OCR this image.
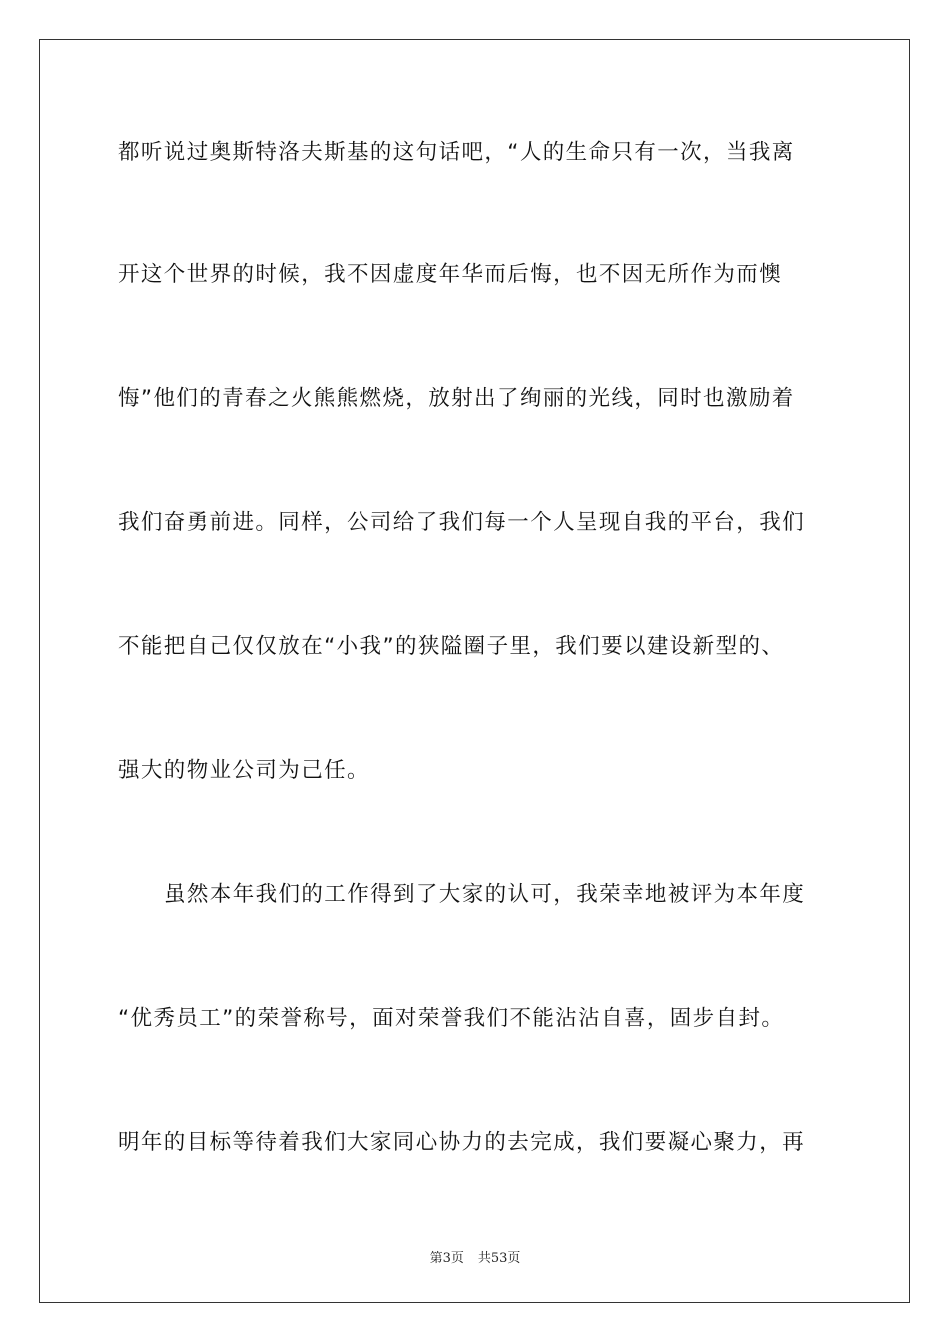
都听说过奥斯特洛夫斯基的这句话吧，“人的生命只有一次，当我离
开这个世界的时候，我不因虚度年华而后悔，也不因无所作为而懊
悔”他们的青春之火熊熊燃烧，放射出了绚丽的光线，同时也激励着
我们奋勇前进。同样，公司给了我们每一个人呈现自我的平台，我们
不能把自己仅仅放在“小我”的狭隘圈子里，我们要以建设新型的、
强大的物业公司为己任。
虽然本年我们的工作得到了大家的认可，我荣幸地被评为本年度
“优秀员工”的荣誉称号，面对荣誉我们不能沾沾自喜，固步自封。
明年的目标等待着我们大家同心协力的去完成，我们要凝心聚力，再
第3页 共53页
